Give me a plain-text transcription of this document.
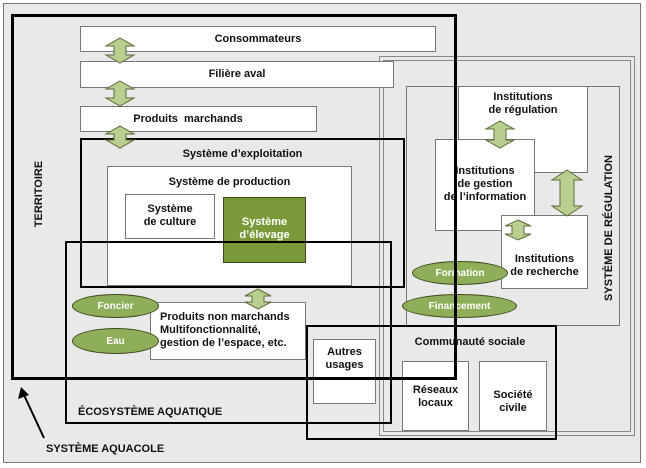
Consommateurs
Filière aval
Produits  marchands
Système d’exploitation
Système de production
Système
de culture	Système
d’élevage
ÉCOSYSTÈME AQUATIQUE
Produits non marchands
Multifonctionnalité,
gestion de l’espace, etc.
Foncier
Eau	Communauté sociale
Autres
usages
Réseaux
locaux
Société
civile
Institutions
de régulation
Institutions
de gestion
de l’information
Institutions
de recherche
Formation
Financement
TERRITOIRE	SYSTÈME DE RÉGULATION
SYSTÈME AQUACOLE
